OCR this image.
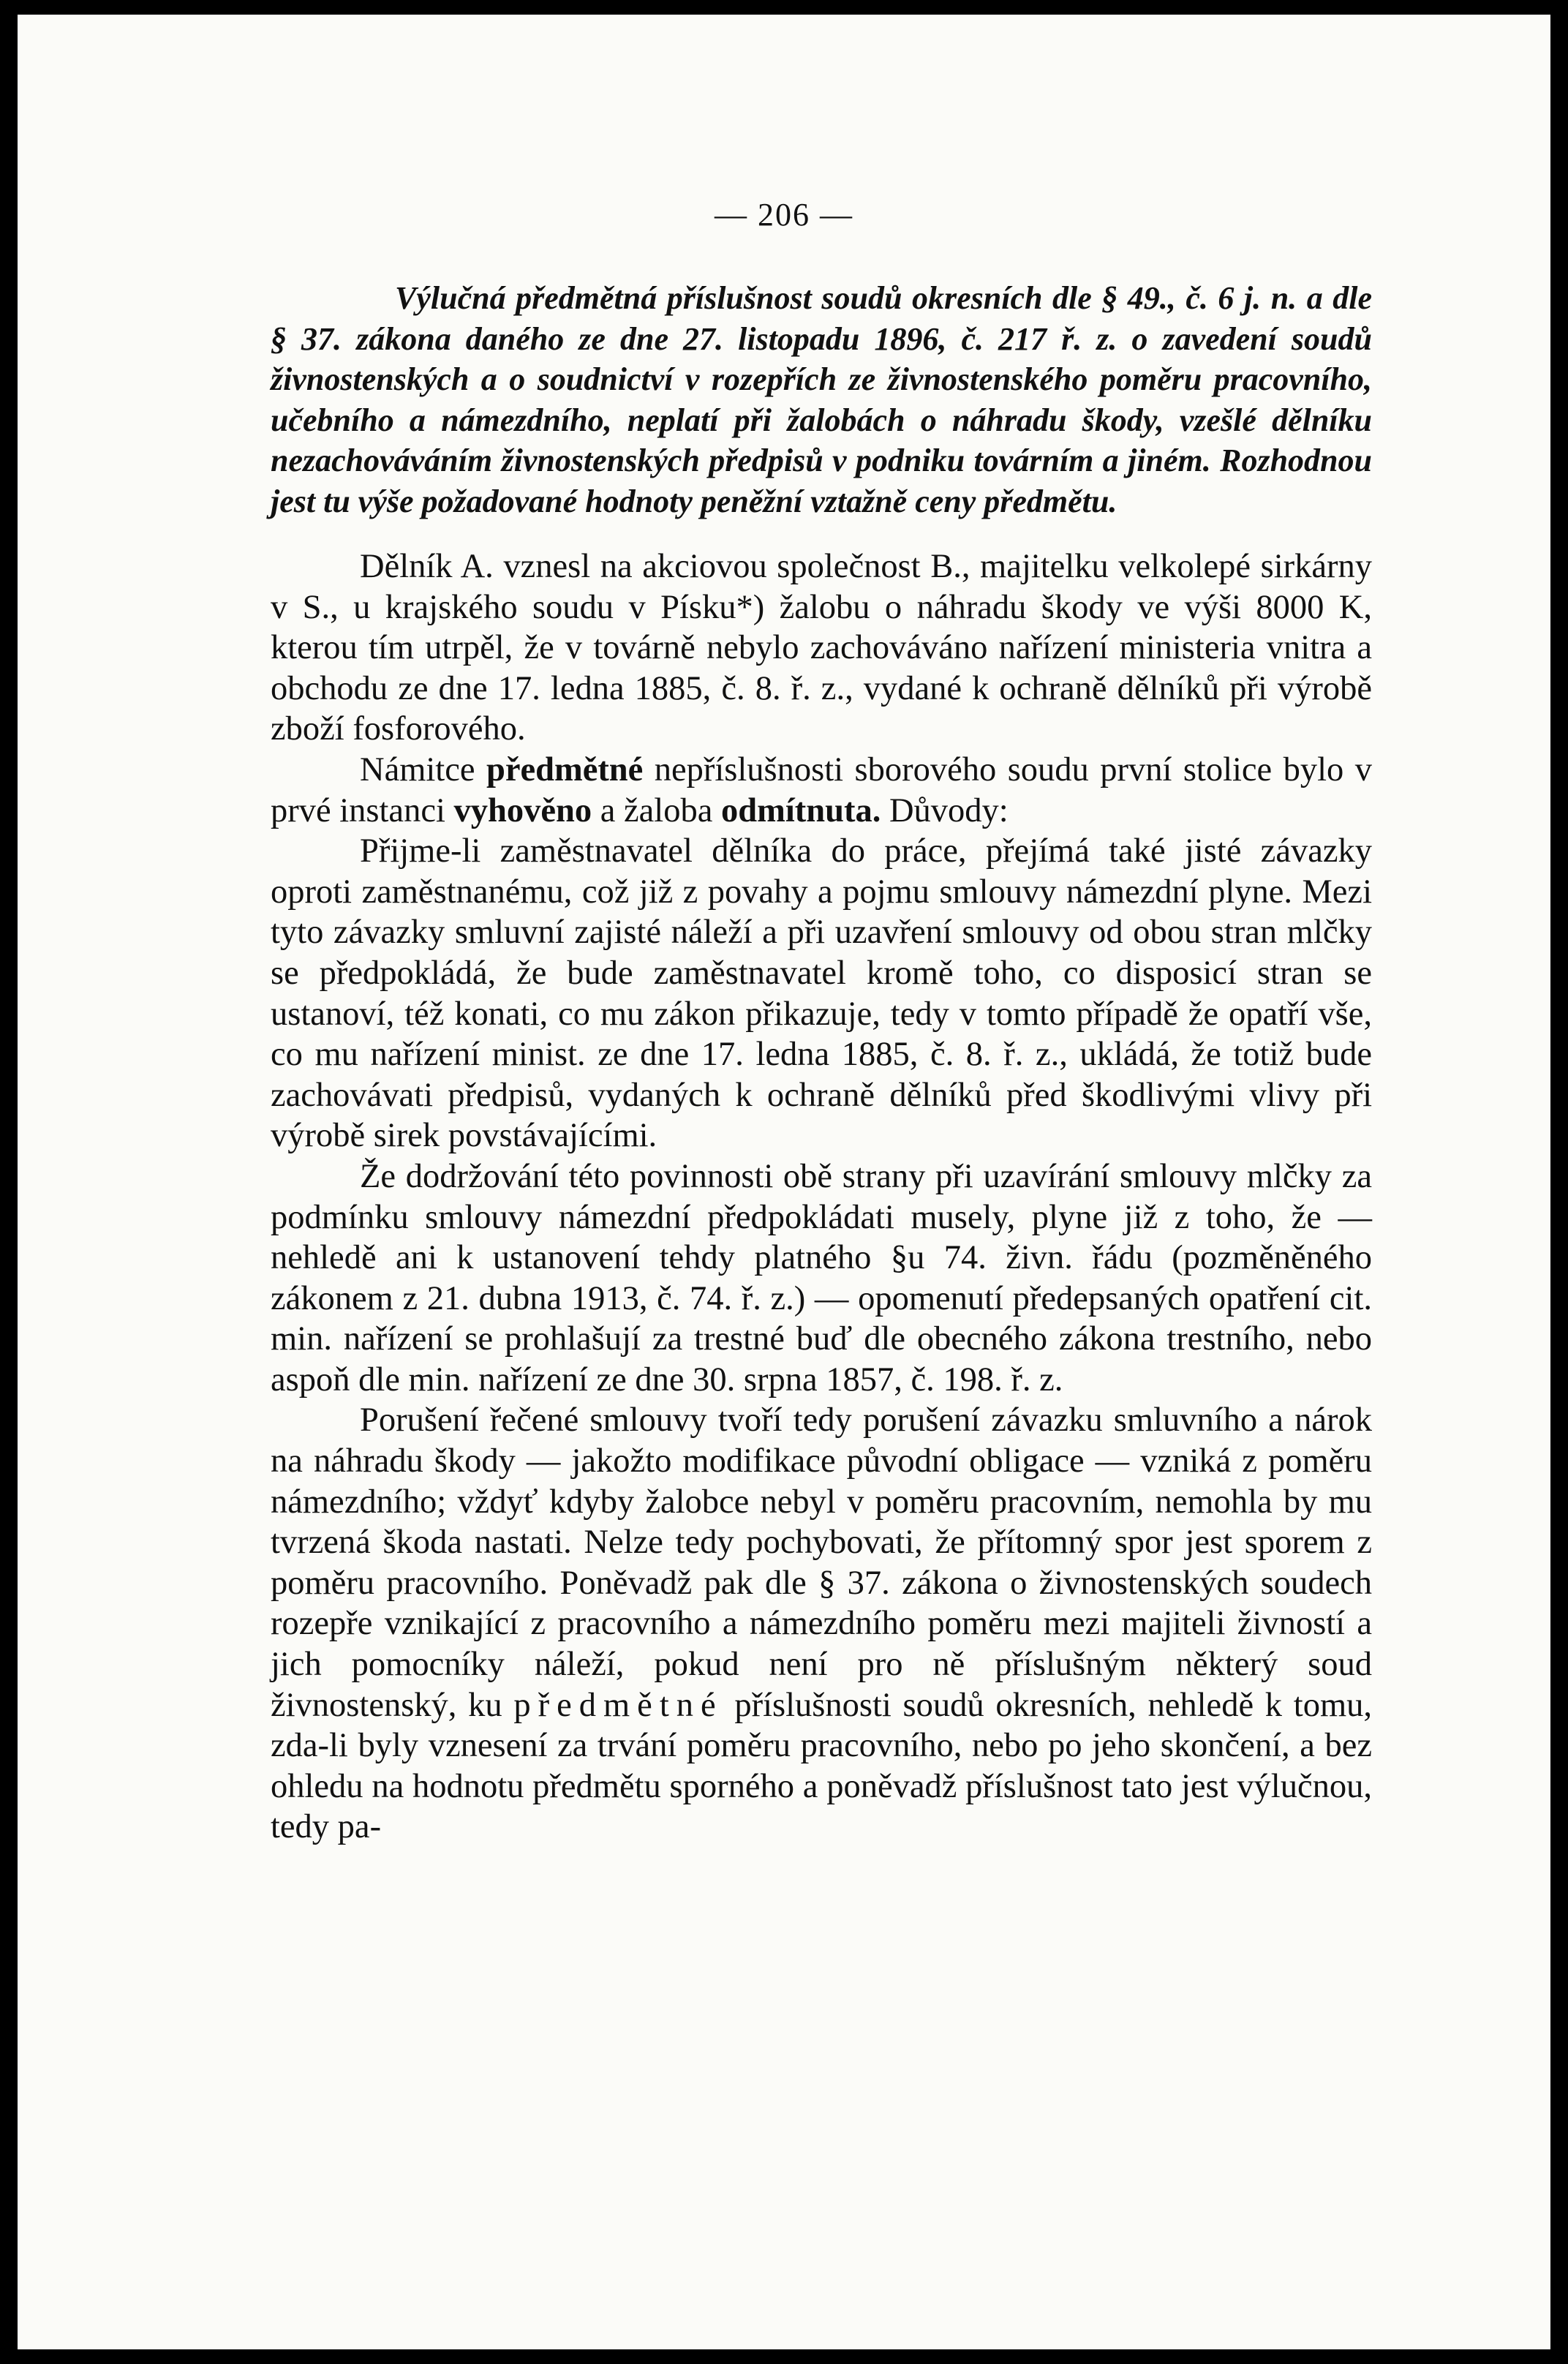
— 206 —

Výlučná předmětná příslušnost soudů okresních dle § 49., č. 6 j. n. a dle § 37. zákona daného ze dne 27. listopadu 1896, č. 217 ř. z. o zavedení soudů živnostenských a o soudnictví v rozepřích ze živnostenského poměru pracovního, učebního a námezdního, neplatí při žalobách o náhradu škody, vzešlé dělníku nezachováváním živnostenských předpisů v podniku továrním a jiném. Rozhodnou jest tu výše požadované hodnoty peněžní vztažně ceny předmětu.

Dělník A. vznesl na akciovou společnost B., majitelku velkolepé sirkárny v S., u krajského soudu v Písku*) žalobu o náhradu škody ve výši 8000 K, kterou tím utrpěl, že v továrně nebylo zachováváno nařízení ministeria vnitra a obchodu ze dne 17. ledna 1885, č. 8. ř. z., vydané k ochraně dělníků při výrobě zboží fosforového.

Námitce předmětné nepříslušnosti sborového soudu první stolice bylo v prvé instanci vyhověno a žaloba odmítnuta. Důvody:

Přijme-li zaměstnavatel dělníka do práce, přejímá také jisté závazky oproti zaměstnanému, což již z povahy a pojmu smlouvy námezdní plyne. Mezi tyto závazky smluvní zajisté náleží a při uzavření smlouvy od obou stran mlčky se předpokládá, že bude zaměstnavatel kromě toho, co disposicí stran se ustanoví, též konati, co mu zákon přikazuje, tedy v tomto případě že opatří vše, co mu nařízení minist. ze dne 17. ledna 1885, č. 8. ř. z., ukládá, že totiž bude zachovávati předpisů, vydaných k ochraně dělníků před škodlivými vlivy při výrobě sirek povstávajícími.

Že dodržování této povinnosti obě strany při uzavírání smlouvy mlčky za podmínku smlouvy námezdní předpokládati musely, plyne již z toho, že — nehledě ani k ustanovení tehdy platného §u 74. živn. řádu (pozměněného zákonem z 21. dubna 1913, č. 74. ř. z.) — opomenutí předepsaných opatření cit. min. nařízení se prohlašují za trestné buď dle obecného zákona trestního, nebo aspoň dle min. nařízení ze dne 30. srpna 1857, č. 198. ř. z.

Porušení řečené smlouvy tvoří tedy porušení závazku smluvního a nárok na náhradu škody — jakožto modifikace původní obligace — vzniká z poměru námezdního; vždyť kdyby žalobce nebyl v poměru pracovním, nemohla by mu tvrzená škoda nastati. Nelze tedy pochybovati, že přítomný spor jest sporem z poměru pracovního. Poněvadž pak dle § 37. zákona o živnostenských soudech rozepře vznikající z pracovního a námezdního poměru mezi majiteli živností a jich pomocníky náleží, pokud není pro ně příslušným některý soud živnostenský, ku předmětné příslušnosti soudů okresních, nehledě k tomu, zda-li byly vznesení za trvání poměru pracovního, nebo po jeho skončení, a bez ohledu na hodnotu předmětu sporného a poněvadž příslušnost tato jest výlučnou, tedy pa-
